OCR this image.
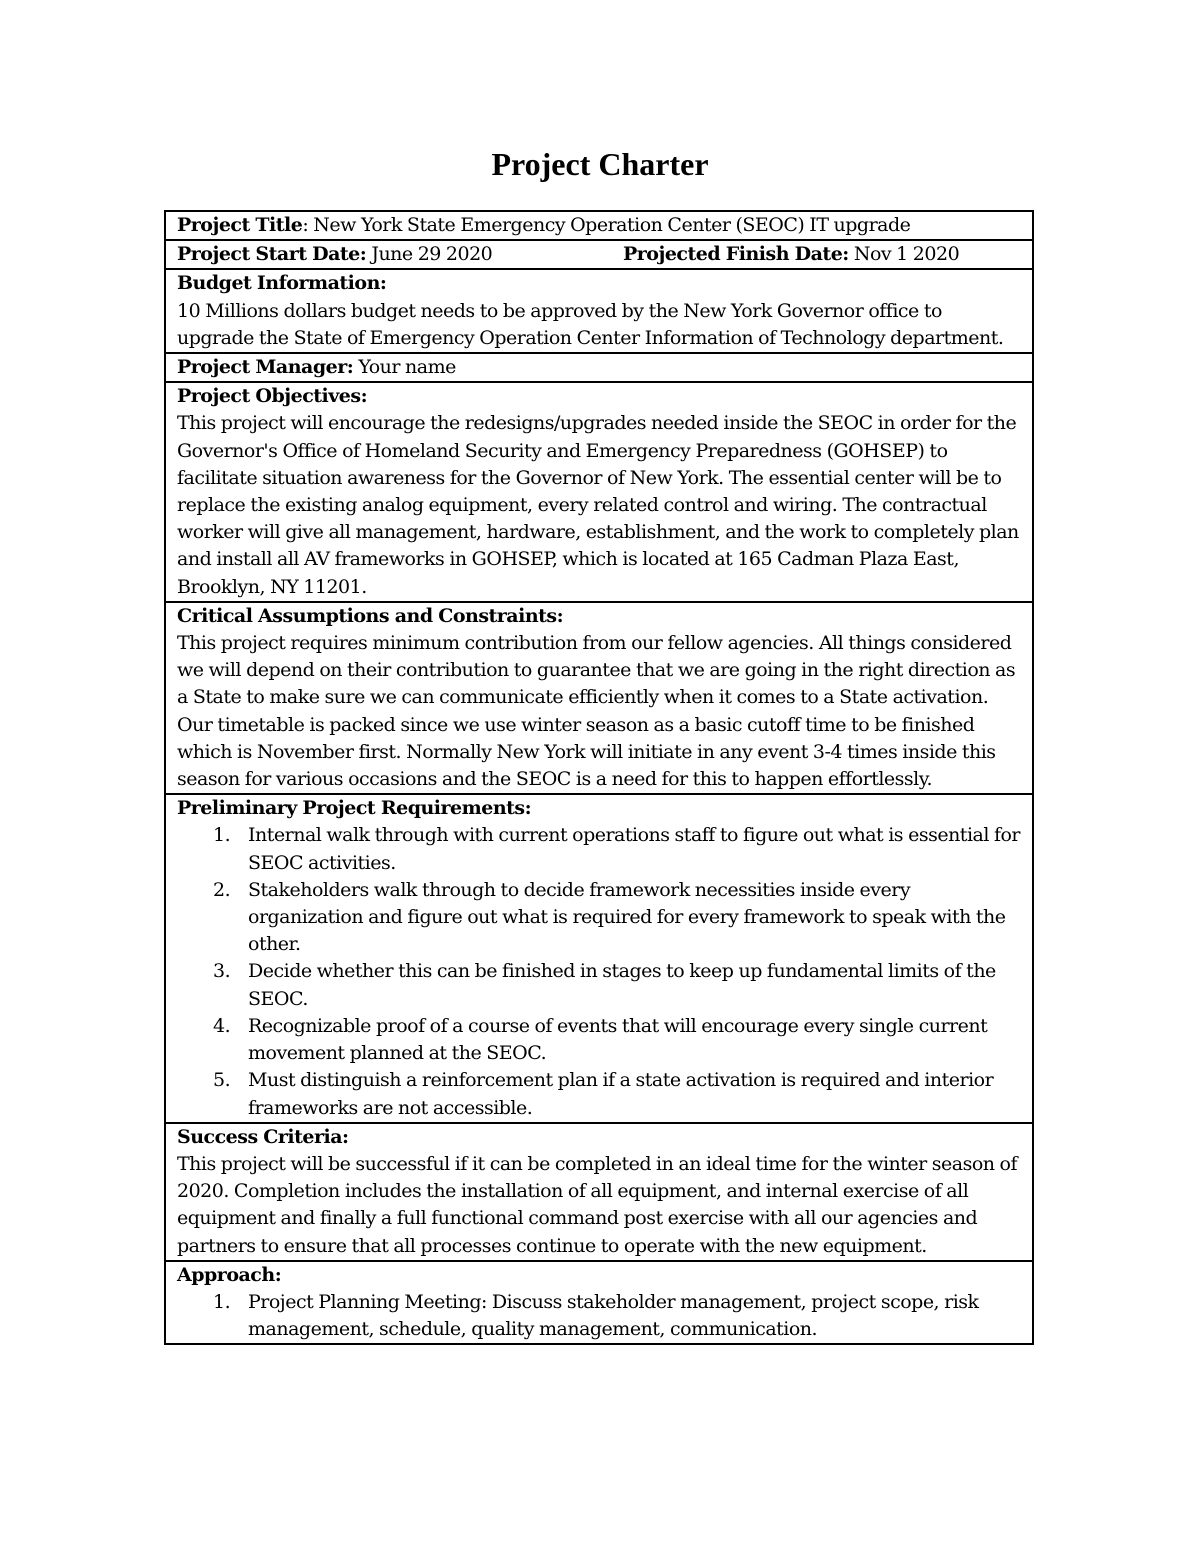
Project Charter
Project Title : New York State Emergency Operation Center (SEOC) IT upgrade
Project Start Date: June 29 2020	Projected Finish Date: Nov 1 2020
Budget Information:

10 Millions dollars budget needs to be approved by the New York Governor office to upgrade the State of Emergency Operation Center Information of Technology department.

Project Manager:
Your name
Project Objectives:

This project will encourage the redesigns/upgrades needed inside the SEOC in order for the Governor's Office of Homeland Security and Emergency Preparedness (GOHSEP) to facilitate situation awareness for the Governor of New York. The essential center will be to replace the existing analog equipment, every related control and wiring. The contractual worker will give all management, hardware, establishment, and the work to completely plan and install all AV frameworks in GOHSEP, which is located at 165 Cadman Plaza East, Brooklyn, NY 11201.

Critical Assumptions and Constraints:

This project requires minimum contribution from our fellow agencies. All things considered we will depend on their contribution to guarantee that we are going in the right direction as a State to make sure we can communicate efficiently when it comes to a State activation. Our timetable is packed since we use winter season as a basic cutoff time to be finished which is November first. Normally New York will initiate in any event 3-4 times inside this season for various occasions and the SEOC is a need for this to happen effortlessly.

Preliminary Project Requirements:
1. Internal walk through with current operations staff to figure out what is essential for SEOC activities.
2. Stakeholders walk through to decide framework necessities inside every organization and figure out what is required for every framework to speak with the other.
3. Decide whether this can be finished in stages to keep up fundamental limits of the SEOC.
4. Recognizable proof of a course of events that will encourage every single current movement planned at the SEOC.
5. Must distinguish a reinforcement plan if a state activation is required and interior frameworks are not accessible.
Success Criteria:

This project will be successful if it can be completed in an ideal time for the winter season of 2020. Completion includes the installation of all equipment, and internal exercise of all equipment and finally a full functional command post exercise with all our agencies and partners to ensure that all processes continue to operate with the new equipment.

Approach:
1. Project Planning Meeting: Discuss stakeholder management, project scope, risk management, schedule, quality management, communication.
